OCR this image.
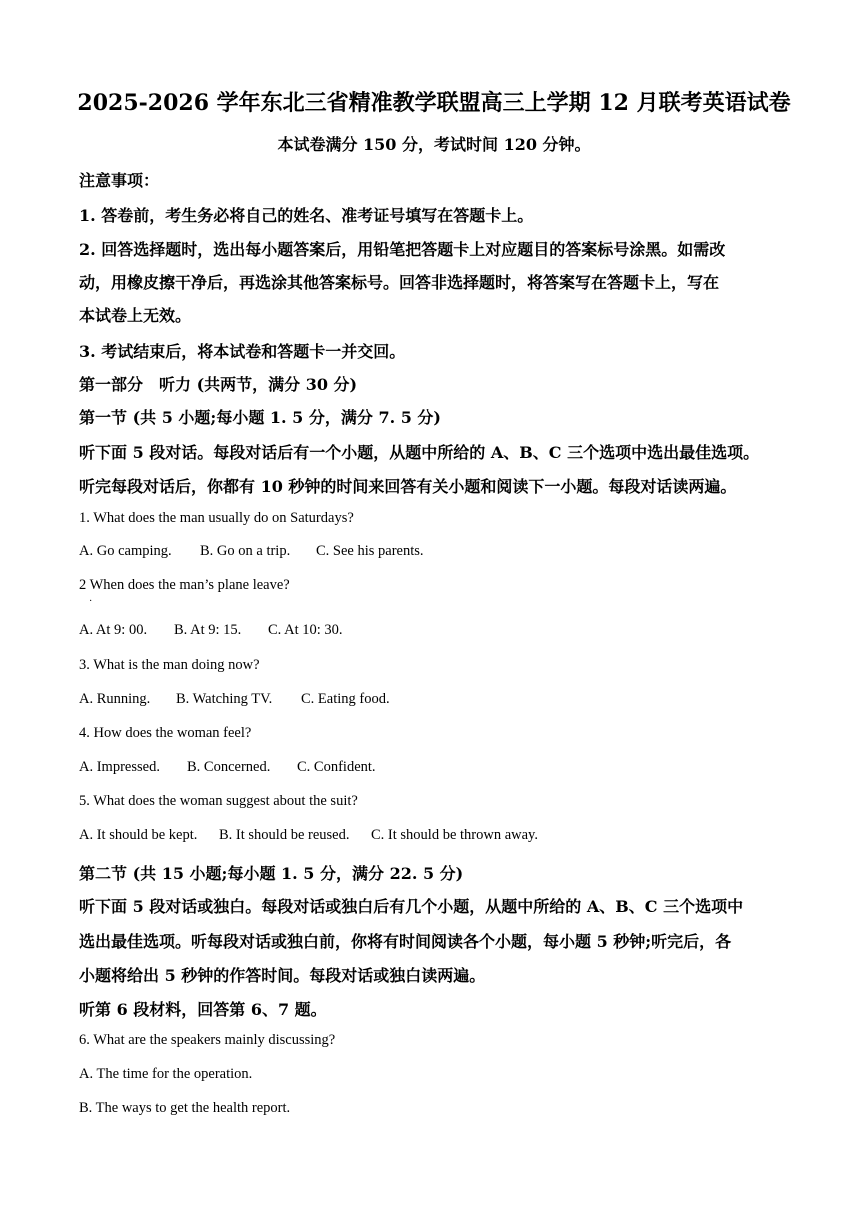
2025-2026 学年东北三省精准教学联盟高三上学期 12 月联考英语试卷
本试卷满分 150 分，考试时间 120 分钟。
注意事项：
1. 答卷前，考生务必将自己的姓名、准考证号填写在答题卡上。
2. 回答选择题时，选出每小题答案后，用铅笔把答题卡上对应题目的答案标号涂黑。如需改
动，用橡皮擦干净后，再选涂其他答案标号。回答非选择题时，将答案写在答题卡上，写在
本试卷上无效。
3. 考试结束后，将本试卷和答题卡一并交回。
第一部分　听力 (共两节，满分 30 分)
第一节 (共 5 小题;每小题 1. 5 分，满分 7. 5 分)
听下面 5 段对话。每段对话后有一个小题，从题中所给的 A、B、C 三个选项中选出最佳选项。
听完每段对话后，你都有 10 秒钟的时间来回答有关小题和阅读下一小题。每段对话读两遍。
1. What does the man usually do on Saturdays?
A. Go camping. B. Go on a trip. C. See his parents.
2 When does the man’s plane leave?
·
A. At 9: 00. B. At 9: 15. C. At 10: 30.
3. What is the man doing now?
A. Running. B. Watching TV. C. Eating food.
4. How does the woman feel?
A. Impressed. B. Concerned. C. Confident.
5. What does the woman suggest about the suit?
A. It should be kept. B. It should be reused. C. It should be thrown away.
第二节 (共 15 小题;每小题 1. 5 分，满分 22. 5 分)
听下面 5 段对话或独白。每段对话或独白后有几个小题，从题中所给的 A、B、C 三个选项中
选出最佳选项。听每段对话或独白前，你将有时间阅读各个小题，每小题 5 秒钟;听完后，各
小题将给出 5 秒钟的作答时间。每段对话或独白读两遍。
听第 6 段材料，回答第 6、7 题。
6. What are the speakers mainly discussing?
A. The time for the operation.
B. The ways to get the health report.
